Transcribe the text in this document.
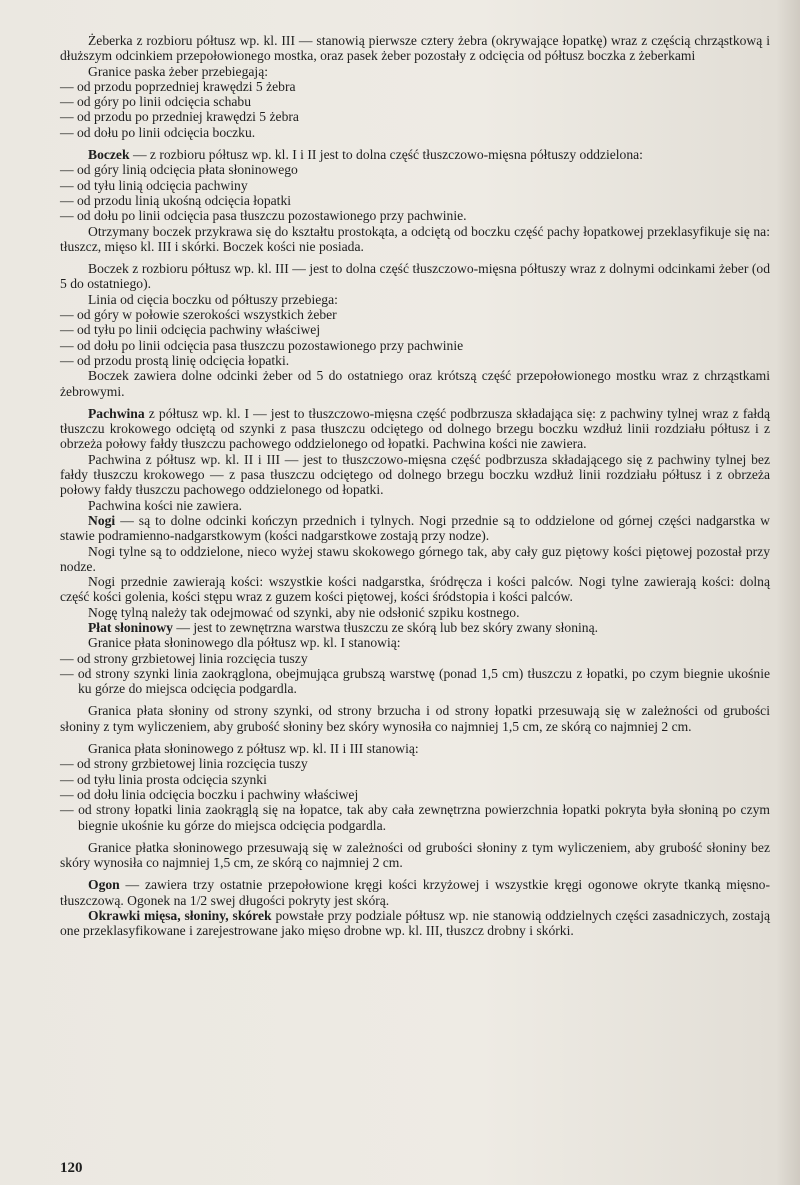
Żeberka z rozbioru półtusz wp. kl. III — stanowią pierwsze cztery żebra (okrywające łopatkę) wraz z częścią chrząstkową i dłuższym odcinkiem przepołowionego mostka, oraz pasek żeber pozostały z odcięcia od półtusz boczka z żeberkami

Granice paska żeber przebiegają:

— od przodu poprzedniej krawędzi 5 żebra
— od góry po linii odcięcia schabu
— od przodu po przedniej krawędzi 5 żebra
— od dołu po linii odcięcia boczku.

Boczek — z rozbioru półtusz wp. kl. I i II jest to dolna część tłuszczowo-mięsna półtuszy oddzielona:

— od góry linią odcięcia płata słoninowego
— od tyłu linią odcięcia pachwiny
— od przodu linią ukośną odcięcia łopatki
— od dołu po linii odcięcia pasa tłuszczu pozostawionego przy pachwinie.

Otrzymany boczek przykrawa się do kształtu prostokąta, a odciętą od boczku część pachy łopatkowej przeklasyfikuje się na: tłuszcz, mięso kl. III i skórki. Boczek kości nie posiada.

Boczek z rozbioru półtusz wp. kl. III — jest to dolna część tłuszczowo-mięsna półtuszy wraz z dolnymi odcinkami żeber (od 5 do ostatniego).

Linia od cięcia boczku od półtuszy przebiega:

— od góry w połowie szerokości wszystkich żeber
— od tyłu po linii odcięcia pachwiny właściwej
— od dołu po linii odcięcia pasa tłuszczu pozostawionego przy pachwinie
— od przodu prostą linię odcięcia łopatki.

Boczek zawiera dolne odcinki żeber od 5 do ostatniego oraz krótszą część przepołowionego mostku wraz z chrząstkami żebrowymi.

Pachwina z półtusz wp. kl. I — jest to tłuszczowo-mięsna część podbrzusza składająca się: z pachwiny tylnej wraz z fałdą tłuszczu krokowego odciętą od szynki z pasa tłuszczu odciętego od dolnego brzegu boczku wzdłuż linii rozdziału półtusz i z obrzeża połowy fałdy tłuszczu pachowego oddzielonego od łopatki. Pachwina kości nie zawiera.

Pachwina z półtusz wp. kl. II i III — jest to tłuszczowo-mięsna część podbrzusza składającego się z pachwiny tylnej bez fałdy tłuszczu krokowego — z pasa tłuszczu odciętego od dolnego brzegu boczku wzdłuż linii rozdziału półtusz i z obrzeża połowy fałdy tłuszczu pachowego oddzielonego od łopatki.

Pachwina kości nie zawiera.

Nogi — są to dolne odcinki kończyn przednich i tylnych. Nogi przednie są to oddzielone od górnej części nadgarstka w stawie podramienno-nadgarstkowym (kości nadgarstkowe zostają przy nodze).

Nogi tylne są to oddzielone, nieco wyżej stawu skokowego górnego tak, aby cały guz piętowy kości piętowej pozostał przy nodze.

Nogi przednie zawierają kości: wszystkie kości nadgarstka, śródręcza i kości palców. Nogi tylne zawierają kości: dolną część kości golenia, kości stępu wraz z guzem kości piętowej, kości śródstopia i kości palców.

Nogę tylną należy tak odejmować od szynki, aby nie odsłonić szpiku kostnego.

Płat słoninowy — jest to zewnętrzna warstwa tłuszczu ze skórą lub bez skóry zwany słoniną.

Granice płata słoninowego dla półtusz wp. kl. I stanowią:

— od strony grzbietowej linia rozcięcia tuszy
— od strony szynki linia zaokrąglona, obejmująca grubszą warstwę (ponad 1,5 cm) tłuszczu z łopatki, po czym biegnie ukośnie ku górze do miejsca odcięcia podgardla.

Granica płata słoniny od strony szynki, od strony brzucha i od strony łopatki przesuwają się w zależności od grubości słoniny z tym wyliczeniem, aby grubość słoniny bez skóry wynosiła co najmniej 1,5 cm, ze skórą co najmniej 2 cm.

Granica płata słoninowego z półtusz wp. kl. II i III stanowią:

— od strony grzbietowej linia rozcięcia tuszy
— od tyłu linia prosta odcięcia szynki
— od dołu linia odcięcia boczku i pachwiny właściwej
— od strony łopatki linia zaokrąglą się na łopatce, tak aby cała zewnętrzna powierzchnia łopatki pokryta była słoniną po czym biegnie ukośnie ku górze do miejsca odcięcia podgardla.

Granice płatka słoninowego przesuwają się w zależności od grubości słoniny z tym wyliczeniem, aby grubość słoniny bez skóry wynosiła co najmniej 1,5 cm, ze skórą co najmniej 2 cm.

Ogon — zawiera trzy ostatnie przepołowione kręgi kości krzyżowej i wszystkie kręgi ogonowe okryte tkanką mięsno-tłuszczową. Ogonek na 1/2 swej długości pokryty jest skórą.

Okrawki mięsa, słoniny, skórek powstałe przy podziale półtusz wp. nie stanowią oddzielnych części zasadniczych, zostają one przeklasyfikowane i zarejestrowane jako mięso drobne wp. kl. III, tłuszcz drobny i skórki.

120
